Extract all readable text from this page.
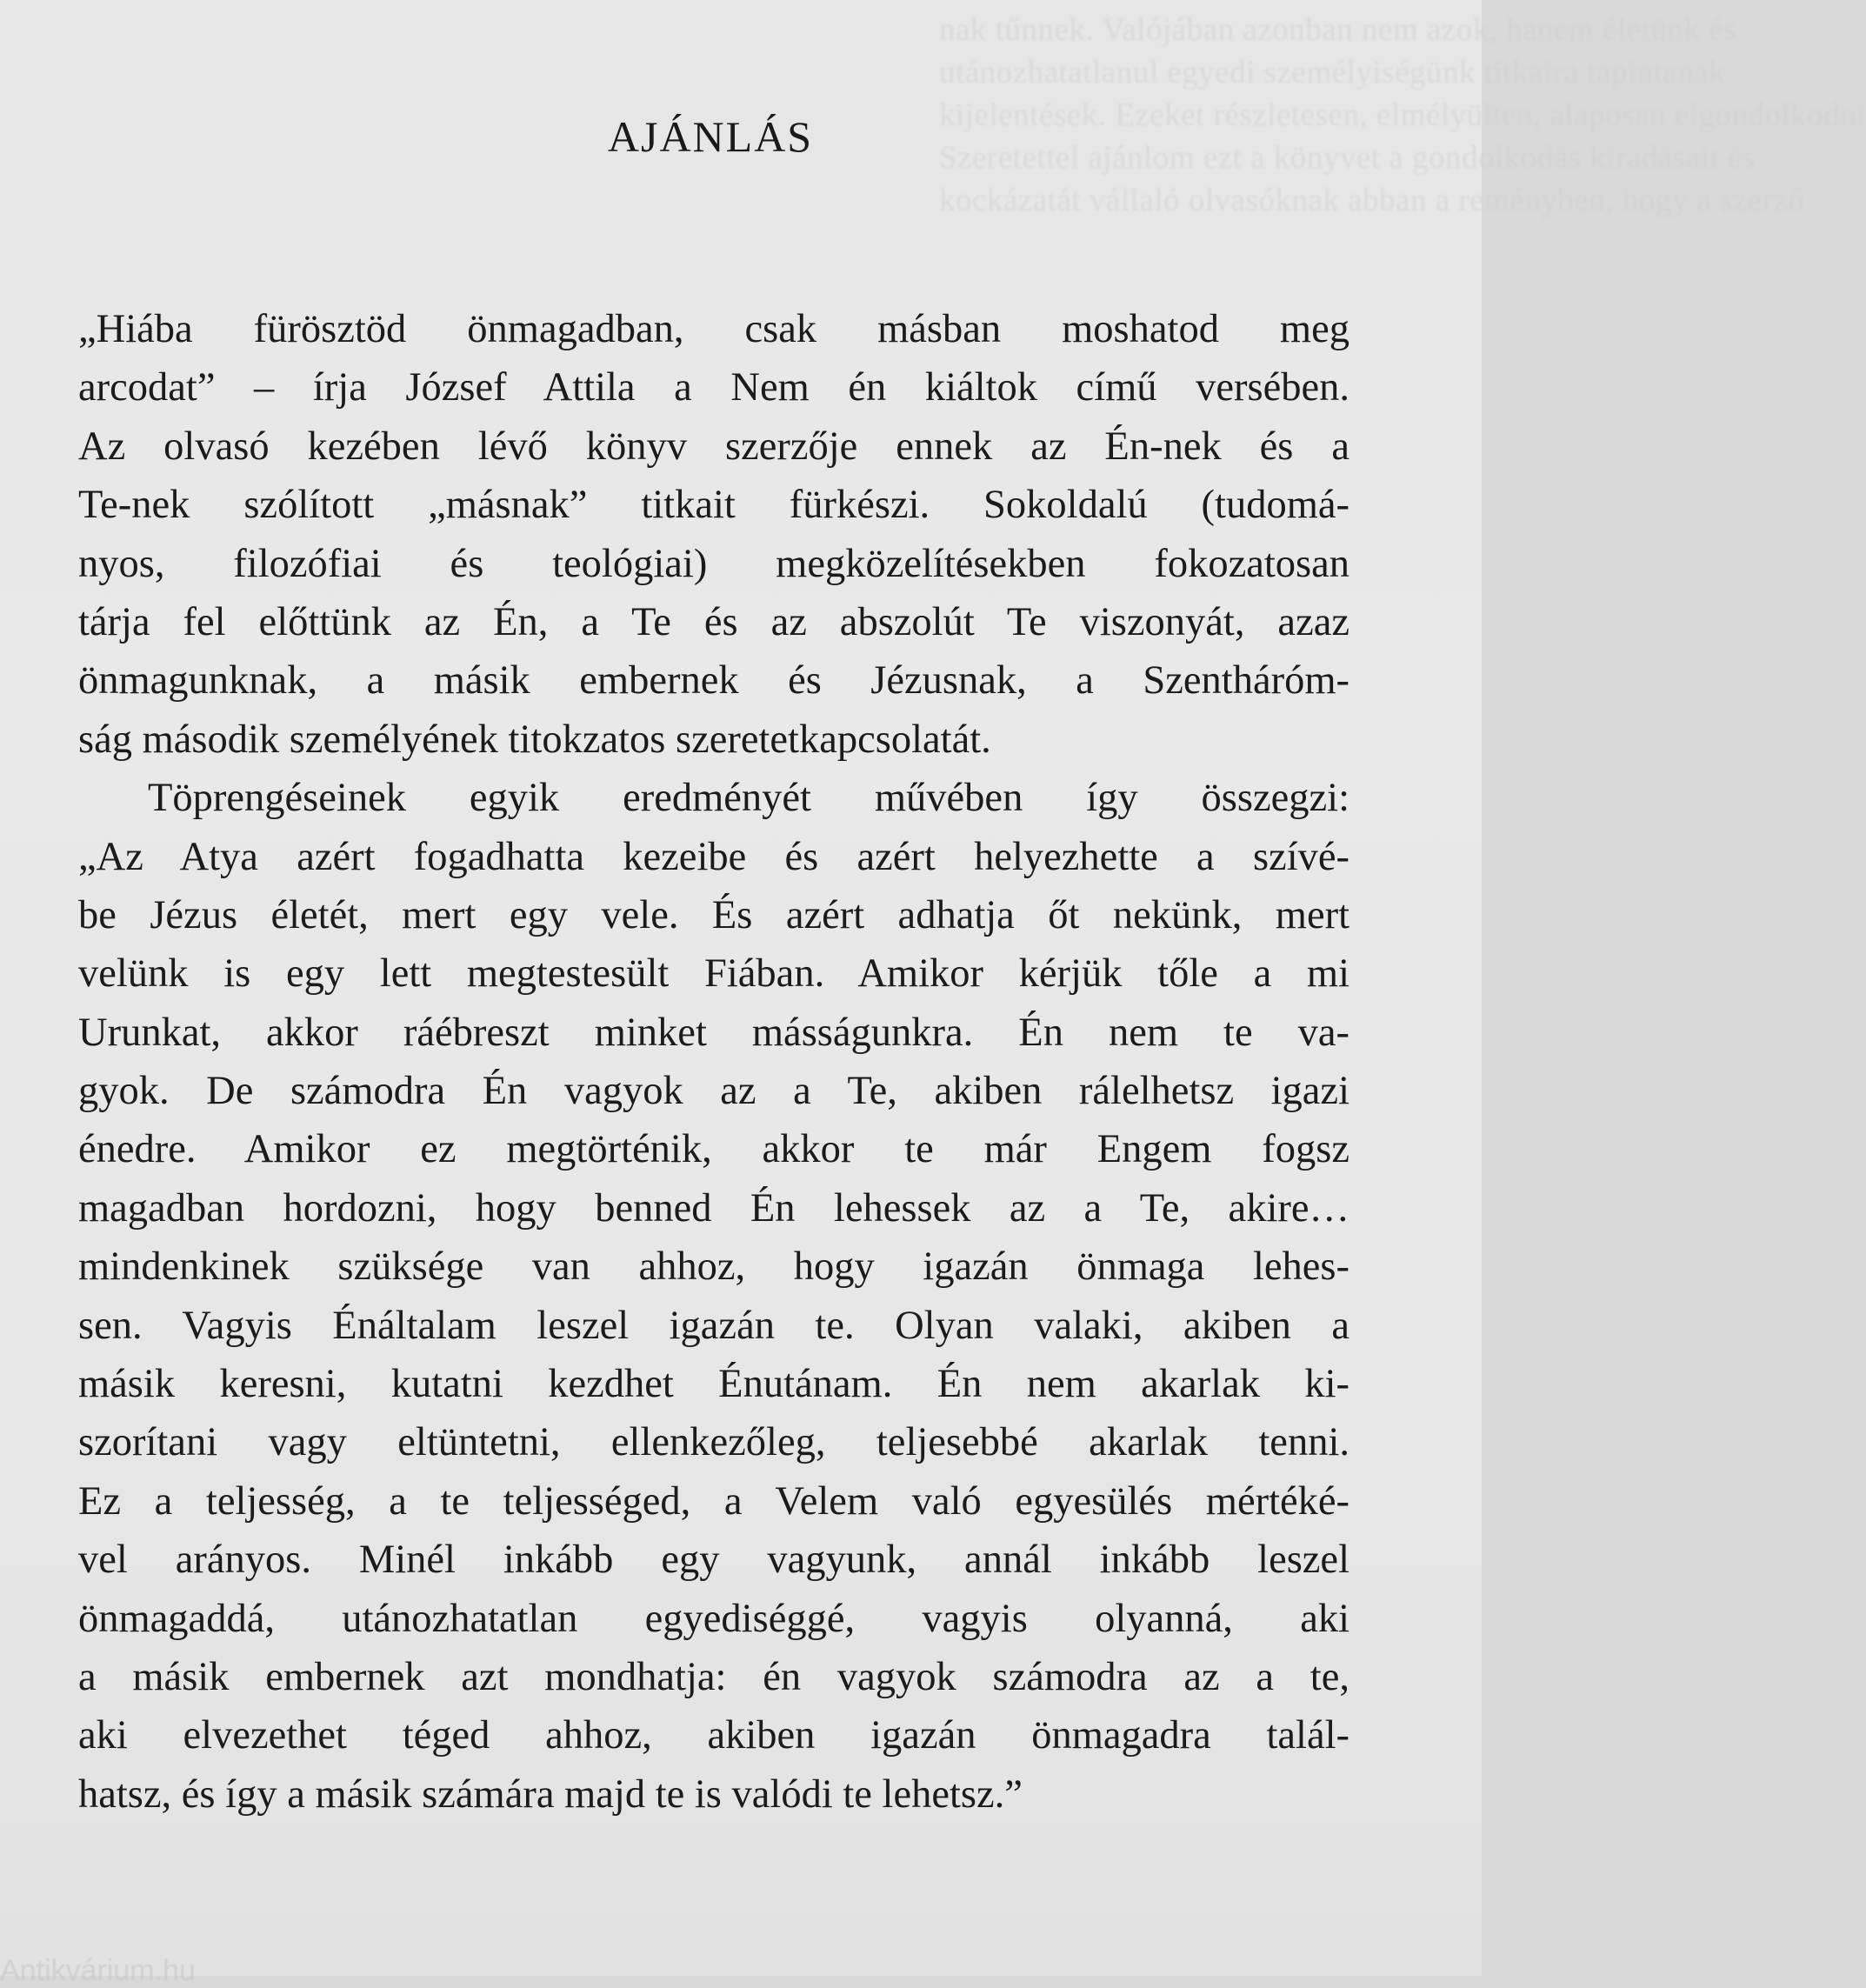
nak tűnnek. Valójában azonban nem azok, hanem életünk és
utánozhatatlanul egyedi személyiségünk titkaira tapintanak
kijelentések. Ezeket részletesen, elmélyülten, alaposan elgondolkodni
Szeretettel ajánlom ezt a könyvet a gondolkodás kiradásait és
kockázatát vállaló olvasóknak abban a reményben, hogy a szerző
AJÁNLÁS
„Hiába fürösztöd önmagadban, csak másban moshatod meg
arcodat” – írja József Attila a Nem én kiáltok című versében.
Az olvasó kezében lévő könyv szerzője ennek az Én-nek és a
Te-nek szólított „másnak” titkait fürkészi. Sokoldalú (tudomá-
nyos, filozófiai és teológiai) megközelítésekben fokozatosan
tárja fel előttünk az Én, a Te és az abszolút Te viszonyát, azaz
önmagunknak, a másik embernek és Jézusnak, a Szentháróm-
ság második személyének titokzatos szeretetkapcsolatát.
Töprengéseinek egyik eredményét művében így összegzi:
„Az Atya azért fogadhatta kezeibe és azért helyezhette a szívé-
be Jézus életét, mert egy vele. És azért adhatja őt nekünk, mert
velünk is egy lett megtestesült Fiában. Amikor kérjük tőle a mi
Urunkat, akkor ráébreszt minket másságunkra. Én nem te va-
gyok. De számodra Én vagyok az a Te, akiben rálelhetsz igazi
énedre. Amikor ez megtörténik, akkor te már Engem fogsz
magadban hordozni, hogy benned Én lehessek az a Te, akire…
mindenkinek szüksége van ahhoz, hogy igazán önmaga lehes-
sen. Vagyis Énáltalam leszel igazán te. Olyan valaki, akiben a
másik keresni, kutatni kezdhet Énutánam. Én nem akarlak ki-
szorítani vagy eltüntetni, ellenkezőleg, teljesebbé akarlak tenni.
Ez a teljesség, a te teljességed, a Velem való egyesülés mértéké-
vel arányos. Minél inkább egy vagyunk, annál inkább leszel
önmagaddá, utánozhatatlan egyediséggé, vagyis olyanná, aki
a másik embernek azt mondhatja: én vagyok számodra az a te,
aki elvezethet téged ahhoz, akiben igazán önmagadra talál-
hatsz, és így a másik számára majd te is valódi te lehetsz.”
Antikvárium.hu
